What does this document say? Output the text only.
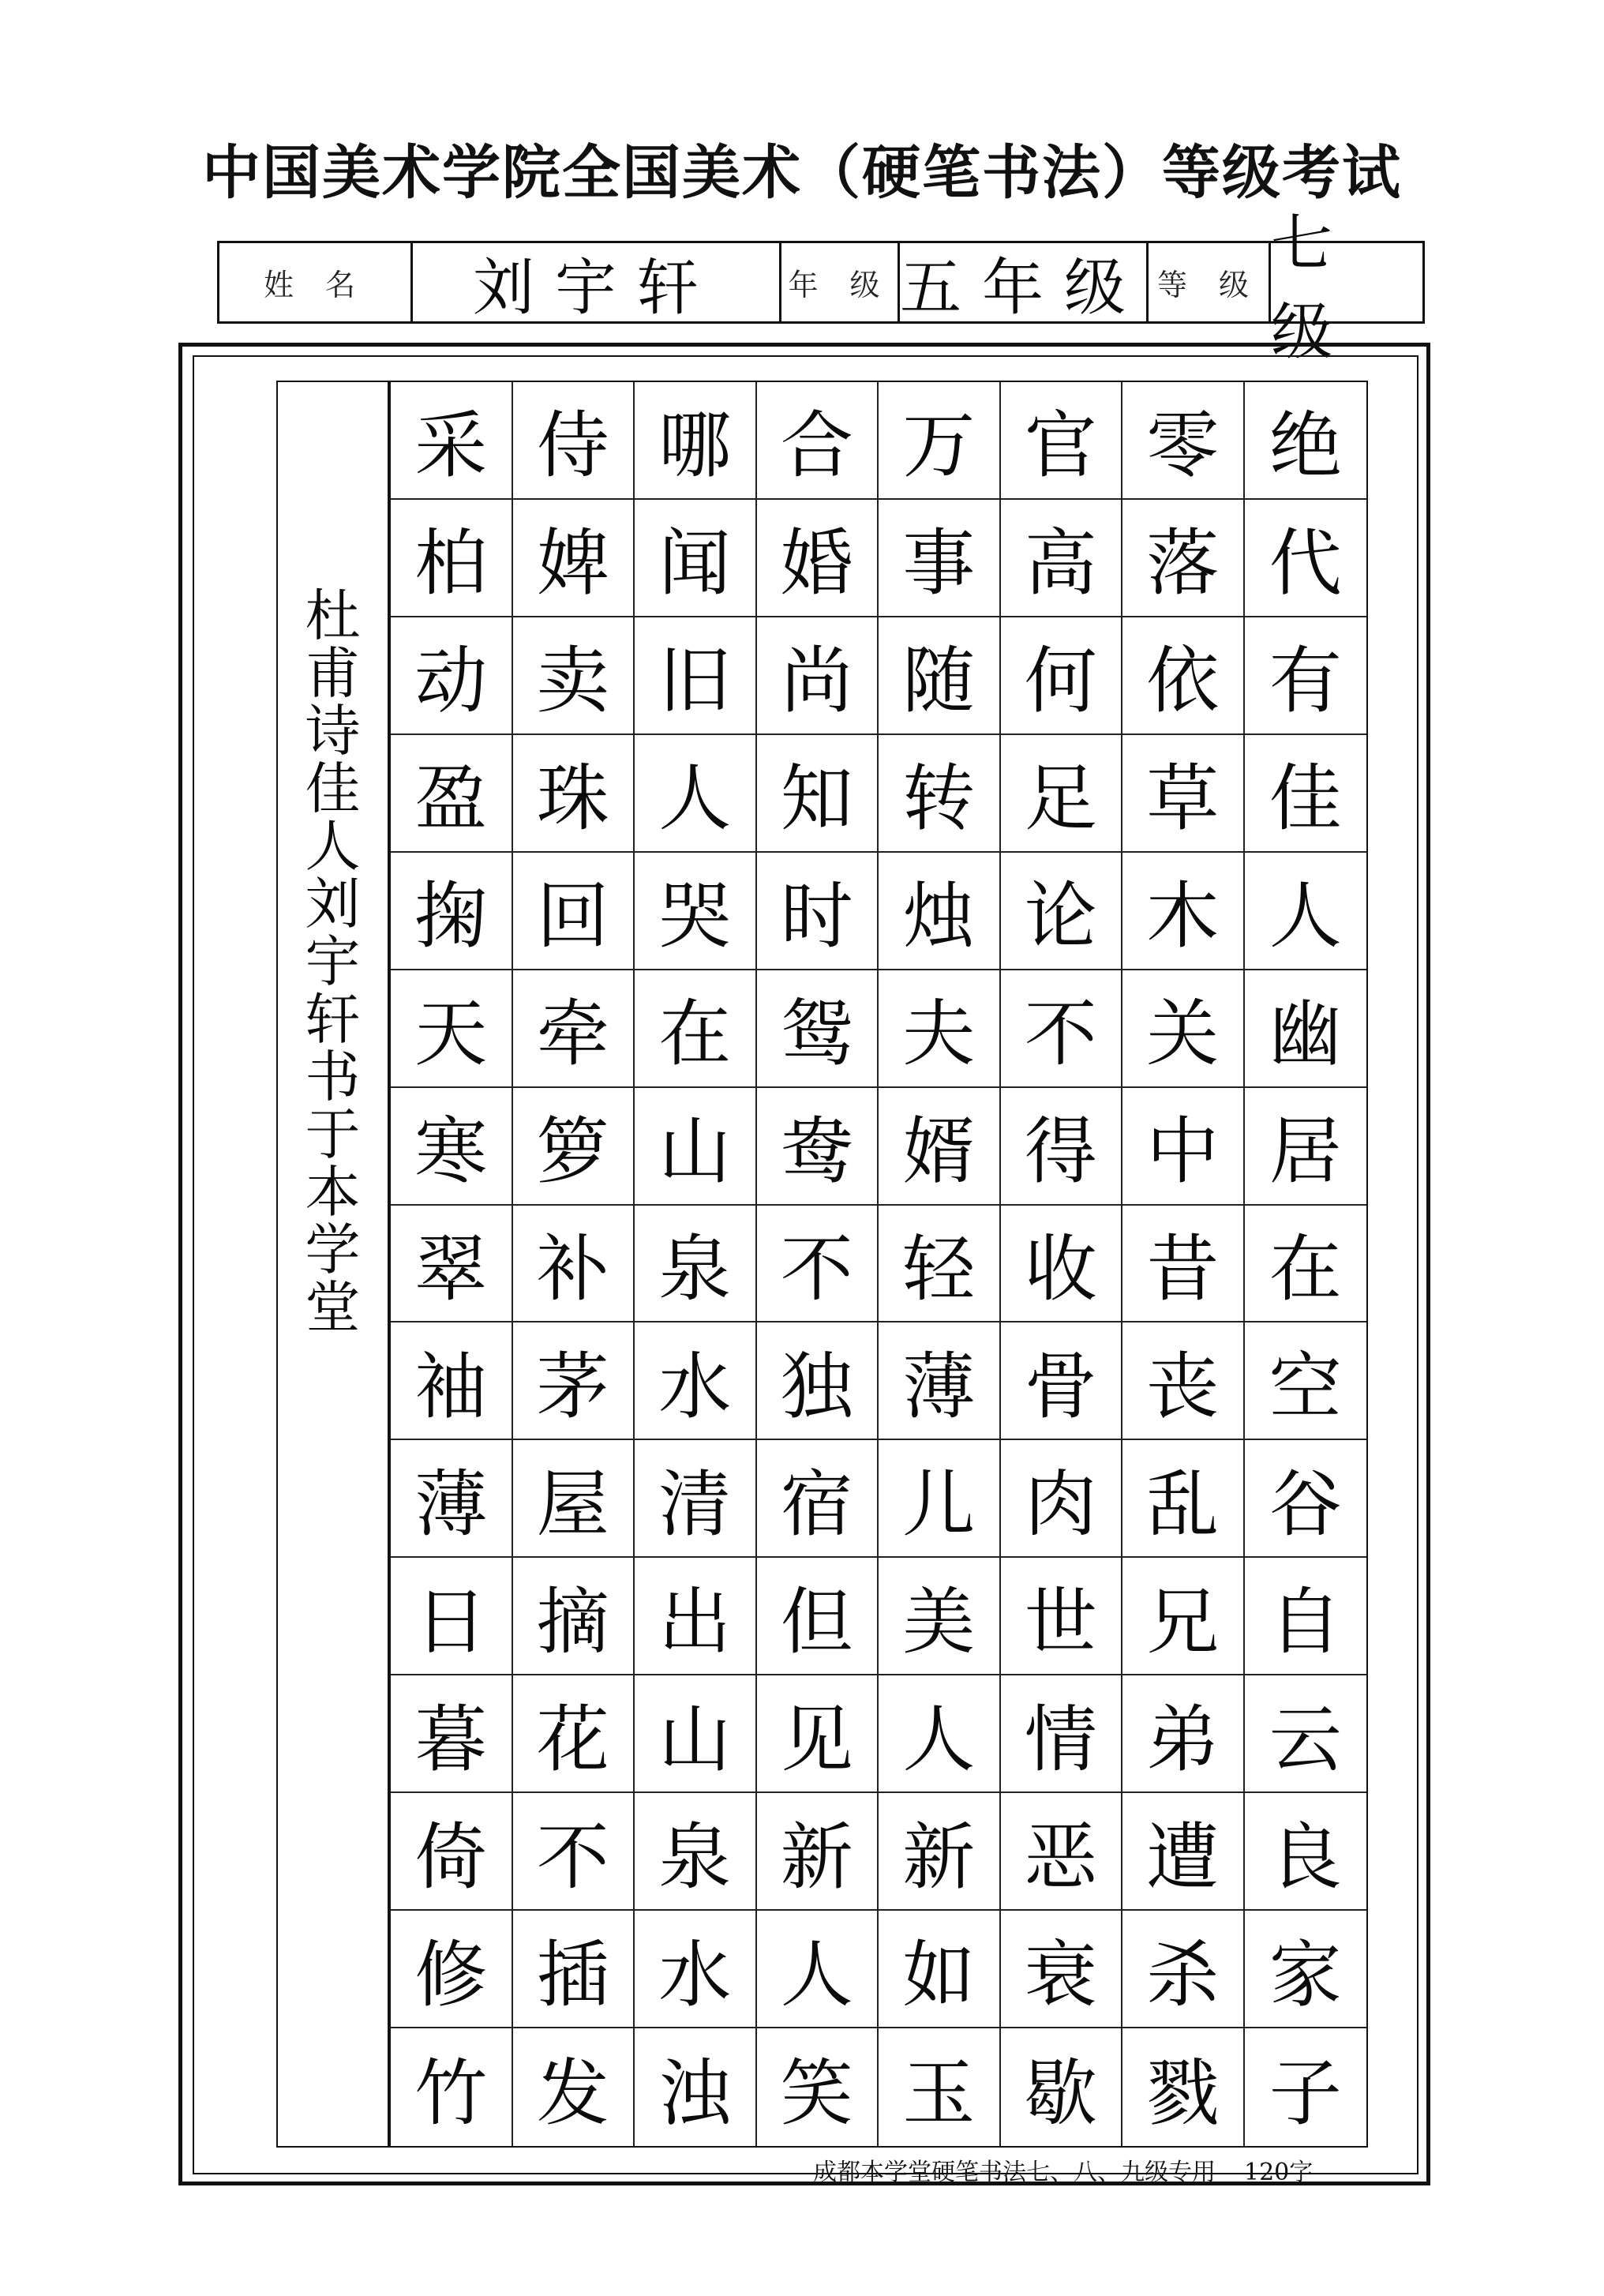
中国美术学院全国美术（硬笔书法）等级考试
姓 名 刘宇轩 年 级 五年级 等 级
七级
杜
甫
诗
佳
人
刘
宇
轩
书
于
本
学
堂
采 侍 哪 合 万 官 零 绝
柏 婢 闻 婚 事 高 落 代
动 卖 旧 尚 随 何 依 有
盈 珠 人 知 转 足 草 佳
掬 回 哭 时 烛 论 木 人
天 牵 在 鸳 夫 不 关 幽
寒 箩 山 鸯 婿 得 中 居
翠 补 泉 不 轻 收 昔 在
袖 茅 水 独 薄 骨 丧 空
薄 屋 清 宿 儿 肉 乱 谷
日 摘 出 但 美 世 兄 自
暮 花 山 见 人 情 弟 云
倚 不 泉 新 新 恶 遭 良
修 插 水 人 如 衰 杀 家
竹 发 浊 笑 玉 歇 戮 子
成都本学堂硬笔书法七、八、九级专用 120字
